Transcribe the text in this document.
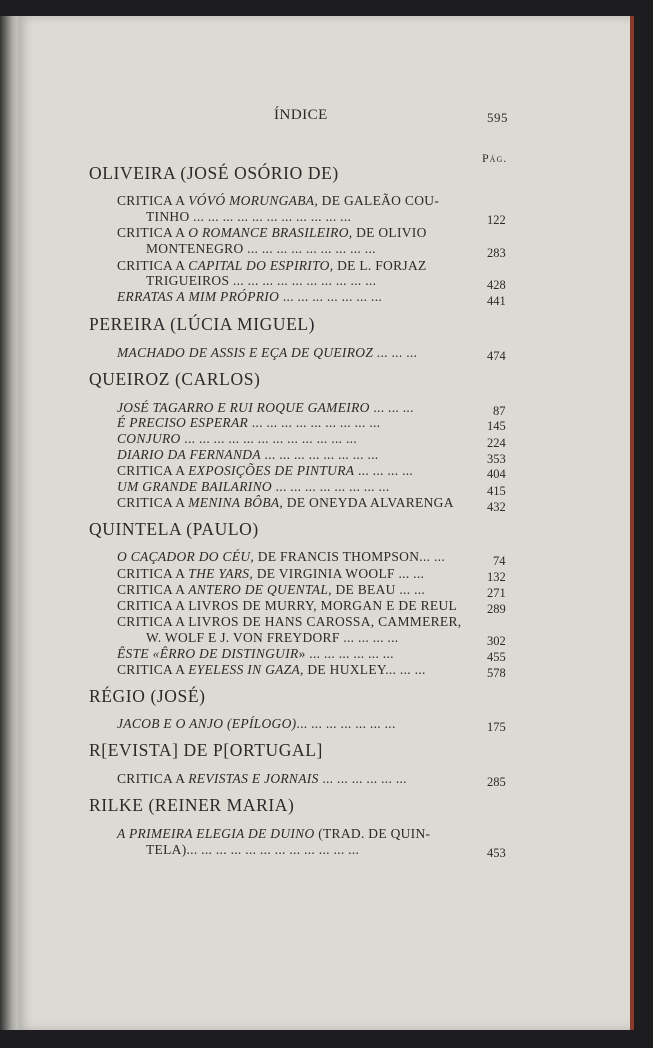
ÍNDICE	595
Pág.
OLIVEIRA (JOSÉ OSÓRIO DE)
CRITICA A VÓVÓ MORUNGABA, DE GALEÃO COU-
TINHO ... ... ... ... ... ... ... ... ... ... ...	122
CRITICA A O ROMANCE BRASILEIRO, DE OLIVIO
MONTENEGRO ... ... ... ... ... ... ... ... ...	283
CRITICA A CAPITAL DO ESPIRITO, DE L. FORJAZ
TRIGUEIROS ... ... ... ... ... ... ... ... ... ...	428
ERRATAS A MIM PRÓPRIO ... ... ... ... ... ... ...	441
PEREIRA (LÚCIA MIGUEL)
MACHADO DE ASSIS E EÇA DE QUEIROZ ... ... ...	474
QUEIROZ (CARLOS)
JOSÉ TAGARRO E RUI ROQUE GAMEIRO ... ... ...	87
É PRECISO ESPERAR ... ... ... ... ... ... ... ... ...	145
CONJURO ... ... ... ... ... ... ... ... ... ... ... ...	224
DIARIO DA FERNANDA ... ... ... ... ... ... ... ...	353
CRITICA A EXPOSIÇÕES DE PINTURA ... ... ... ...	404
UM GRANDE BAILARINO ... ... ... ... ... ... ... ...	415
CRITICA A MENINA BÔBA, DE ONEYDA ALVARENGA	432
QUINTELA (PAULO)
O CAÇADOR DO CÉU, DE FRANCIS THOMPSON... ...	74
CRITICA A THE YARS, DE VIRGINIA WOOLF ... ...	132
CRITICA A ANTERO DE QUENTAL, DE BEAU ... ...	271
CRITICA A LIVROS DE MURRY, MORGAN E DE REUL 289
CRITICA A LIVROS DE HANS CAROSSA, CAMMERER,
W. WOLF E J. VON FREYDORF ... ... ... ...	302
ÊSTE «ÊRRO DE DISTINGUIR» ... ... ... ... ... ...	455
CRITICA A EYELESS IN GAZA, DE HUXLEY... ... ...	578
RÉGIO (JOSÉ)
JACOB E O ANJO (EPÍLOGO)... ... ... ... ... ... ...	175
R[EVISTA] DE P[ORTUGAL]
CRITICA A REVISTAS E JORNAIS ... ... ... ... ... ...	285
RILKE (REINER MARIA)
A PRIMEIRA ELEGIA DE DUINO (TRAD. DE QUIN-
TELA)... ... ... ... ... ... ... ... ... ... ... ...	453
